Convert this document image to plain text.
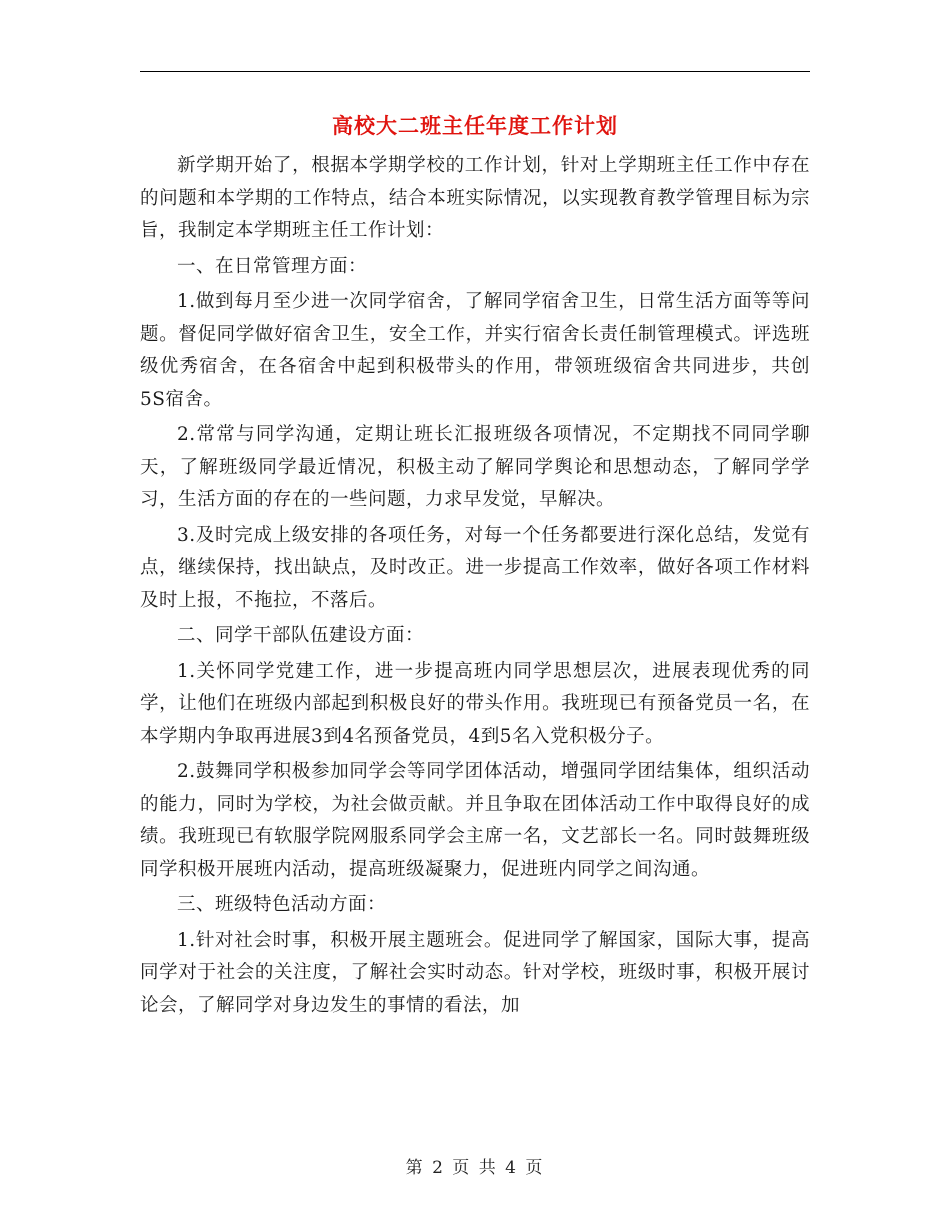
高校大二班主任年度工作计划

新学期开始了，根据本学期学校的工作计划，针对上学期班主任工作中存在的问题和本学期的工作特点，结合本班实际情况，以实现教育教学管理目标为宗旨，我制定本学期班主任工作计划：

一、在日常管理方面：

1.做到每月至少进一次同学宿舍，了解同学宿舍卫生，日常生活方面等等问题。督促同学做好宿舍卫生，安全工作，并实行宿舍长责任制管理模式。评选班级优秀宿舍，在各宿舍中起到积极带头的作用，带领班级宿舍共同进步，共创5S宿舍。

2.常常与同学沟通，定期让班长汇报班级各项情况，不定期找不同同学聊天，了解班级同学最近情况，积极主动了解同学舆论和思想动态，了解同学学习，生活方面的存在的一些问题，力求早发觉，早解决。

3.及时完成上级安排的各项任务，对每一个任务都要进行深化总结，发觉有点，继续保持，找出缺点，及时改正。进一步提高工作效率，做好各项工作材料及时上报，不拖拉，不落后。

二、同学干部队伍建设方面：

1.关怀同学党建工作，进一步提高班内同学思想层次，进展表现优秀的同学，让他们在班级内部起到积极良好的带头作用。我班现已有预备党员一名，在本学期内争取再进展3到4名预备党员，4到5名入党积极分子。

2.鼓舞同学积极参加同学会等同学团体活动，增强同学团结集体，组织活动的能力，同时为学校，为社会做贡献。并且争取在团体活动工作中取得良好的成绩。我班现已有软服学院网服系同学会主席一名，文艺部长一名。同时鼓舞班级同学积极开展班内活动，提高班级凝聚力，促进班内同学之间沟通。

三、班级特色活动方面：

1.针对社会时事，积极开展主题班会。促进同学了解国家，国际大事，提高同学对于社会的关注度，了解社会实时动态。针对学校，班级时事，积极开展讨论会，了解同学对身边发生的事情的看法，加

第 2 页 共 4 页
